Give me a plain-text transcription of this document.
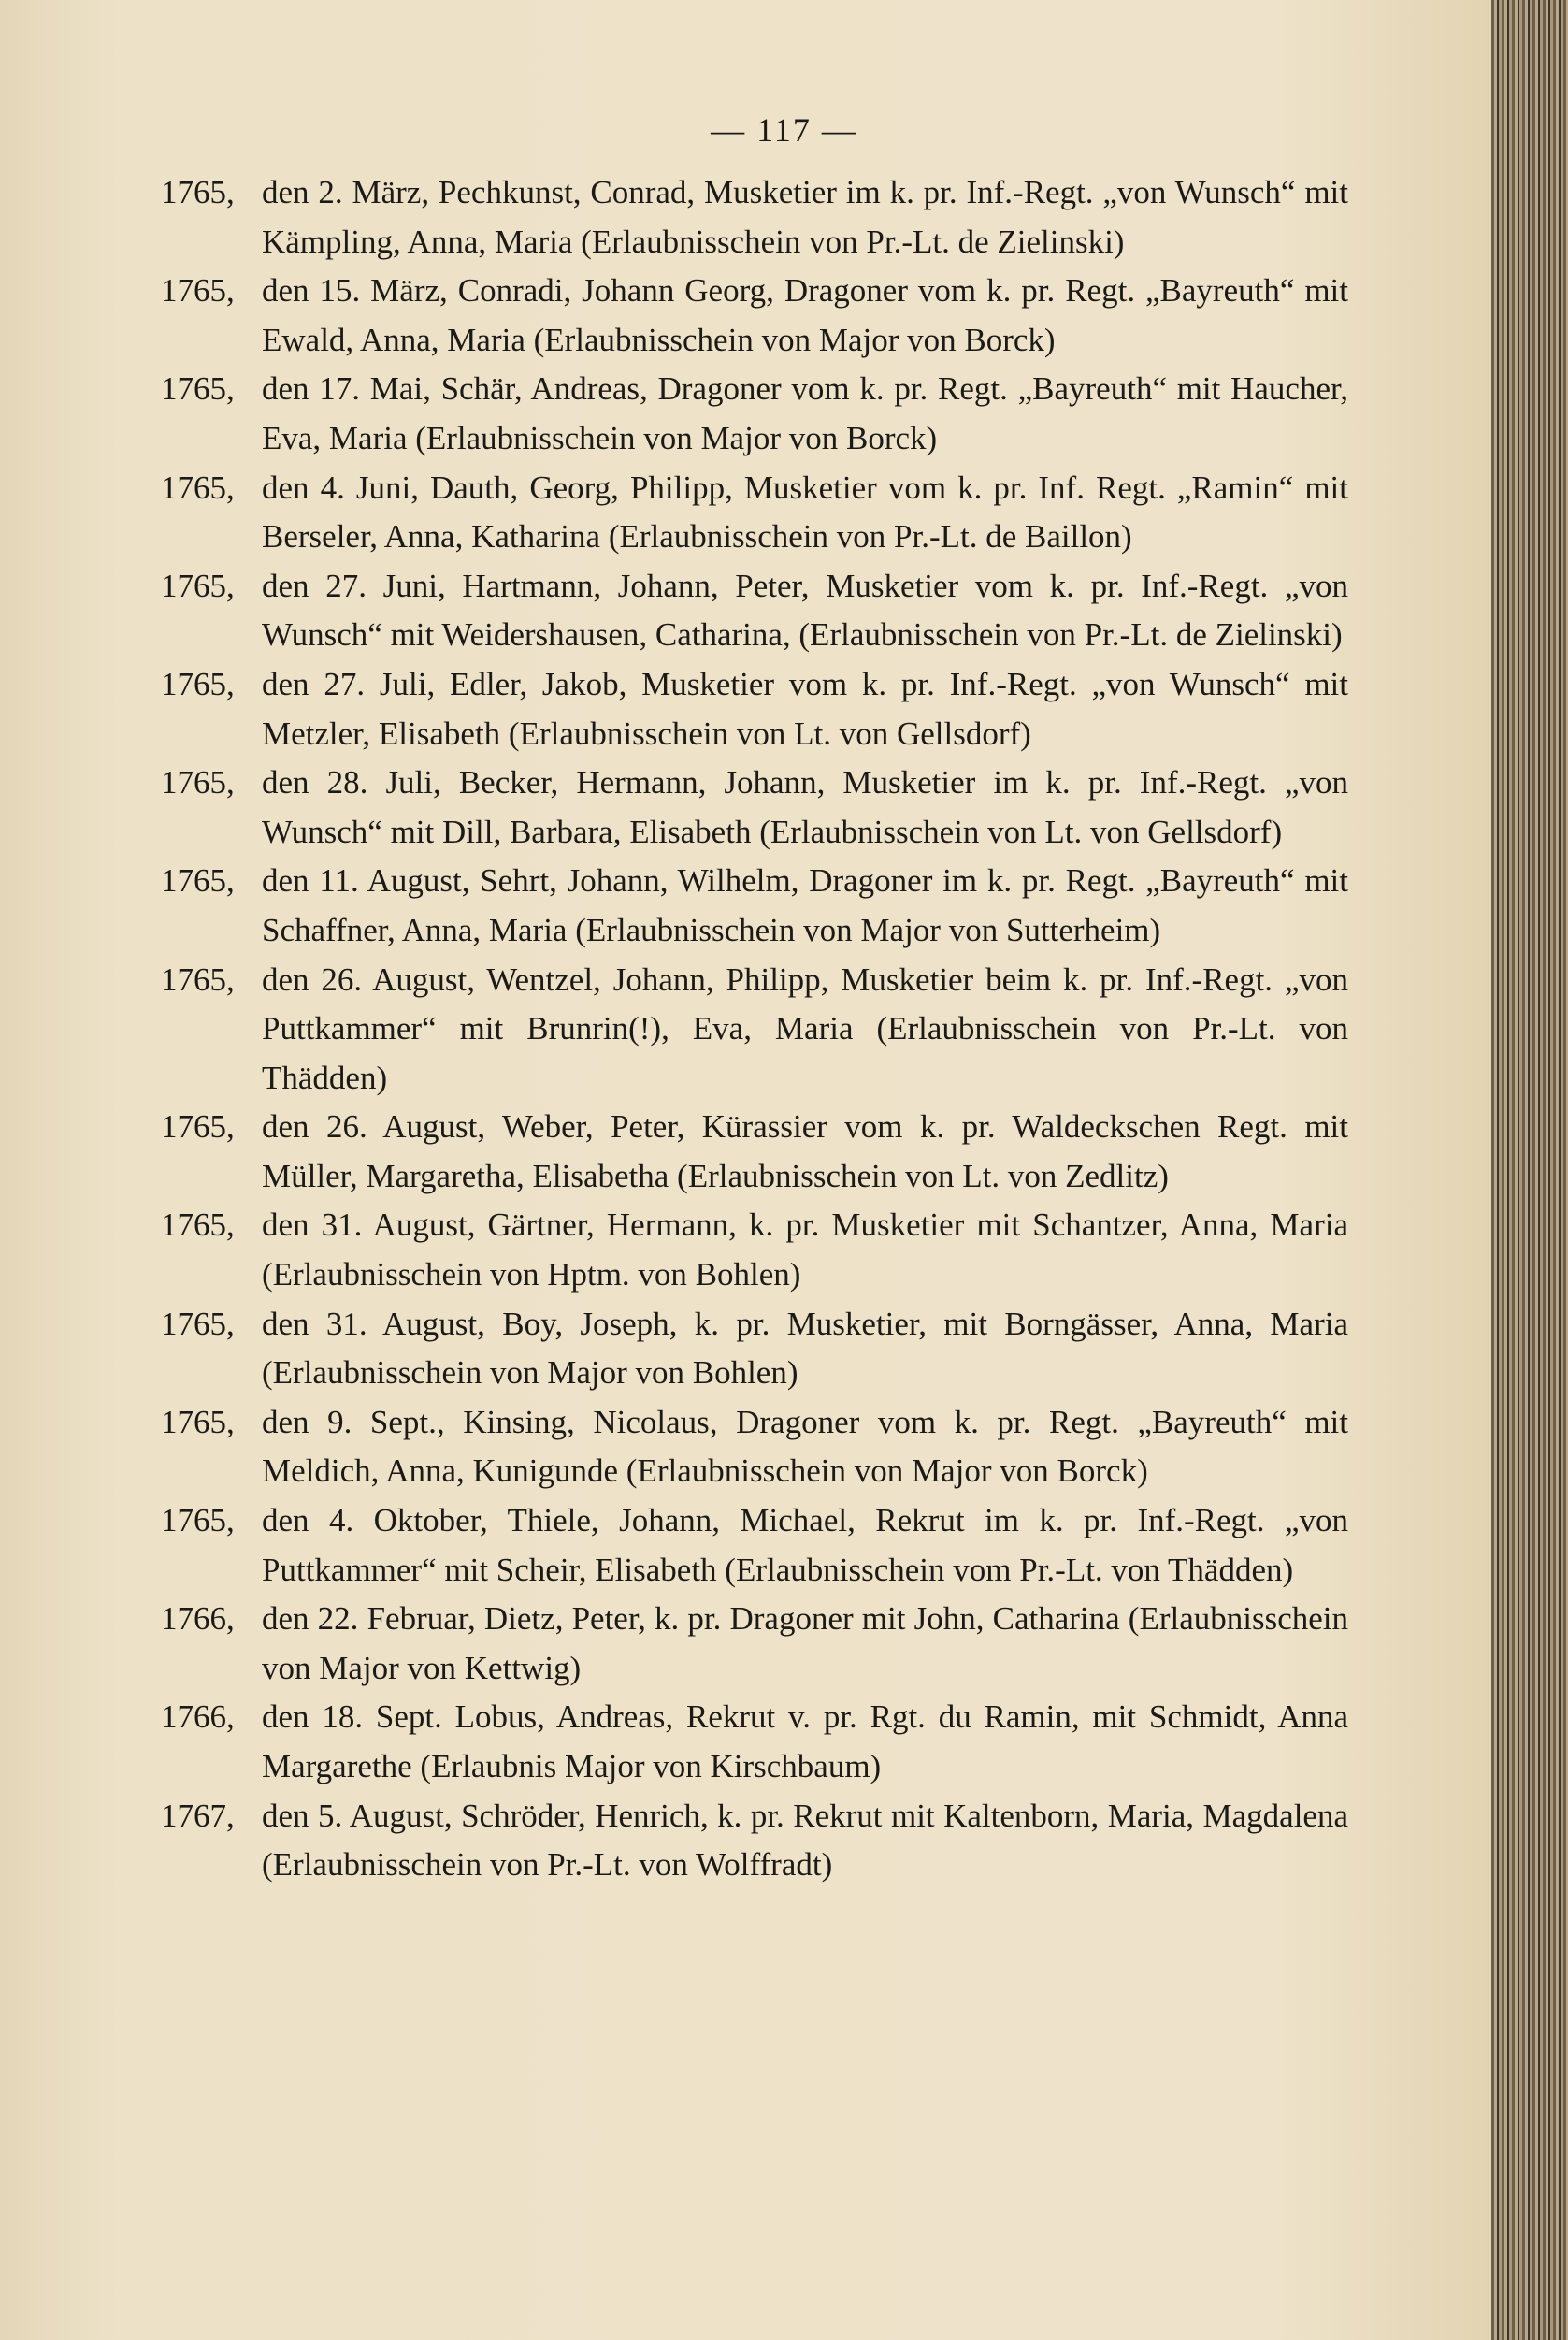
— 117 —

1765, den 2. März, Pechkunst, Conrad, Musketier im k. pr. Inf.-Regt. „von Wunsch“ mit Kämpling, Anna, Maria (Erlaubnisschein von Pr.-Lt. de Zielinski)

1765, den 15. März, Conradi, Johann Georg, Dragoner vom k. pr. Regt. „Bayreuth“ mit Ewald, Anna, Maria (Erlaubnisschein von Major von Borck)

1765, den 17. Mai, Schär, Andreas, Dragoner vom k. pr. Regt. „Bayreuth“ mit Haucher, Eva, Maria (Erlaubnisschein von Major von Borck)

1765, den 4. Juni, Dauth, Georg, Philipp, Musketier vom k. pr. Inf. Regt. „Ramin“ mit Berseler, Anna, Katharina (Erlaubnisschein von Pr.-Lt. de Baillon)

1765, den 27. Juni, Hartmann, Johann, Peter, Musketier vom k. pr. Inf.-Regt. „von Wunsch“ mit Weidershausen, Catharina, (Erlaubnisschein von Pr.-Lt. de Zielinski)

1765, den 27. Juli, Edler, Jakob, Musketier vom k. pr. Inf.-Regt. „von Wunsch“ mit Metzler, Elisabeth (Erlaubnisschein von Lt. von Gellsdorf)

1765, den 28. Juli, Becker, Hermann, Johann, Musketier im k. pr. Inf.-Regt. „von Wunsch“ mit Dill, Barbara, Elisabeth (Erlaubnisschein von Lt. von Gellsdorf)

1765, den 11. August, Sehrt, Johann, Wilhelm, Dragoner im k. pr. Regt. „Bayreuth“ mit Schaffner, Anna, Maria (Erlaubnisschein von Major von Sutterheim)

1765, den 26. August, Wentzel, Johann, Philipp, Musketier beim k. pr. Inf.-Regt. „von Puttkammer“ mit Brunrin(!), Eva, Maria (Erlaubnisschein von Pr.-Lt. von Thädden)

1765, den 26. August, Weber, Peter, Kürassier vom k. pr. Waldeckschen Regt. mit Müller, Margaretha, Elisabetha (Erlaubnisschein von Lt. von Zedlitz)

1765, den 31. August, Gärtner, Hermann, k. pr. Musketier mit Schantzer, Anna, Maria (Erlaubnisschein von Hptm. von Bohlen)

1765, den 31. August, Boy, Joseph, k. pr. Musketier, mit Borngässer, Anna, Maria (Erlaubnisschein von Major von Bohlen)

1765, den 9. Sept., Kinsing, Nicolaus, Dragoner vom k. pr. Regt. „Bayreuth“ mit Meldich, Anna, Kunigunde (Erlaubnisschein von Major von Borck)

1765, den 4. Oktober, Thiele, Johann, Michael, Rekrut im k. pr. Inf.-Regt. „von Puttkammer“ mit Scheir, Elisabeth (Erlaubnisschein vom Pr.-Lt. von Thädden)

1766, den 22. Februar, Dietz, Peter, k. pr. Dragoner mit John, Catharina (Erlaubnisschein von Major von Kettwig)

1766, den 18. Sept. Lobus, Andreas, Rekrut v. pr. Rgt. du Ramin, mit Schmidt, Anna Margarethe (Erlaubnis Major von Kirschbaum)

1767, den 5. August, Schröder, Henrich, k. pr. Rekrut mit Kaltenborn, Maria, Magdalena (Erlaubnisschein von Pr.-Lt. von Wolffradt)
